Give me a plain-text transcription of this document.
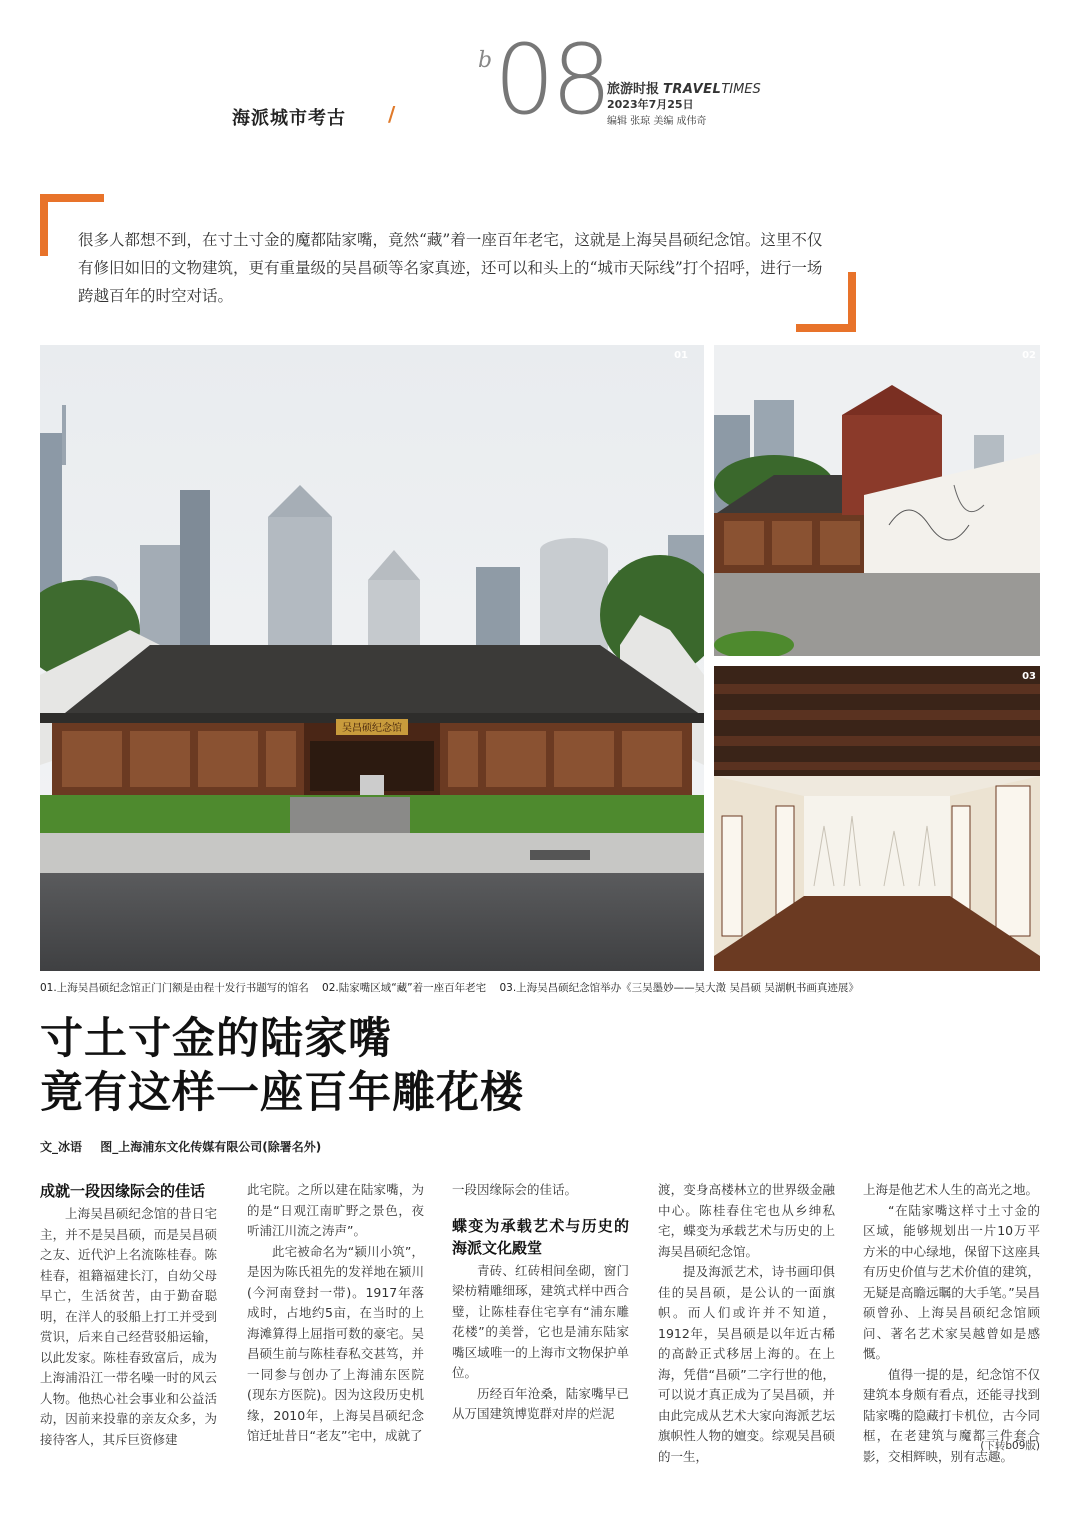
海派城市考古 /
b 08
旅游时报 TRAVELTIMES
2023年7月25日
编辑 张琼 美编 成伟奇
很多人都想不到，在寸土寸金的魔都陆家嘴，竟然“藏”着一座百年老宅，这就是上海吴昌硕纪念馆。这里不仅有修旧如旧的文物建筑，更有重量级的吴昌硕等名家真迹，还可以和头上的“城市天际线”打个招呼，进行一场跨越百年的时空对话。
吴昌硕纪念馆
01	02
03
01.上海吴昌硕纪念馆正门门额是由程十发行书题写的馆名 02.陆家嘴区域“藏”着一座百年老宅 03.上海吴昌硕纪念馆举办《三吴墨妙——吴大澂 吴昌硕 吴湖帆书画真迹展》
寸土寸金的陆家嘴
竟有这样一座百年雕花楼
文_冰语 图_上海浦东文化传媒有限公司(除署名外)
成就一段因缘际会的佳话

上海吴昌硕纪念馆的昔日宅主，并不是吴昌硕，而是吴昌硕之友、近代沪上名流陈桂春。陈桂春，祖籍福建长汀，自幼父母早亡，生活贫苦，由于勤奋聪明，在洋人的驳船上打工并受到赏识，后来自己经营驳船运输，以此发家。陈桂春致富后，成为上海浦沿江一带名噪一时的风云人物。他热心社会事业和公益活动，因前来投靠的亲友众多，为接待客人，其斥巨资修建

此宅院。之所以建在陆家嘴，为的是“日观江南旷野之景色，夜听浦江川流之涛声”。

此宅被命名为“颍川小筑”，是因为陈氏祖先的发祥地在颍川(今河南登封一带)。1917年落成时，占地约5亩，在当时的上海滩算得上屈指可数的豪宅。吴昌硕生前与陈桂春私交甚笃，并一同参与创办了上海浦东医院(现东方医院)。因为这段历史机缘，2010年，上海吴昌硕纪念馆迁址昔日“老友”宅中，成就了

一段因缘际会的佳话。

蝶变为承载艺术与历史的海派文化殿堂

青砖、红砖相间垒砌，窗门梁枋精雕细琢，建筑式样中西合璧，让陈桂春住宅享有“浦东雕花楼”的美誉，它也是浦东陆家嘴区域唯一的上海市文物保护单位。

历经百年沧桑，陆家嘴早已从万国建筑博览群对岸的烂泥

渡，变身高楼林立的世界级金融中心。陈桂春住宅也从乡绅私宅，蝶变为承载艺术与历史的上海吴昌硕纪念馆。

提及海派艺术，诗书画印俱佳的吴昌硕，是公认的一面旗帜。而人们或许并不知道，1912年，吴昌硕是以年近古稀的高龄正式移居上海的。在上海，凭借“昌硕”二字行世的他，可以说才真正成为了吴昌硕，并由此完成从艺术大家向海派艺坛旗帜性人物的嬗变。综观吴昌硕的一生，

上海是他艺术人生的高光之地。

“在陆家嘴这样寸土寸金的区域，能够规划出一片10万平方米的中心绿地，保留下这座具有历史价值与艺术价值的建筑，无疑是高瞻远瞩的大手笔。”吴昌硕曾孙、上海吴昌硕纪念馆顾问、著名艺术家吴越曾如是感慨。

值得一提的是，纪念馆不仅建筑本身颇有看点，还能寻找到陆家嘴的隐藏打卡机位，古今同框，在老建筑与魔都三件套合影，交相辉映，别有志趣。

(下转b09版)
